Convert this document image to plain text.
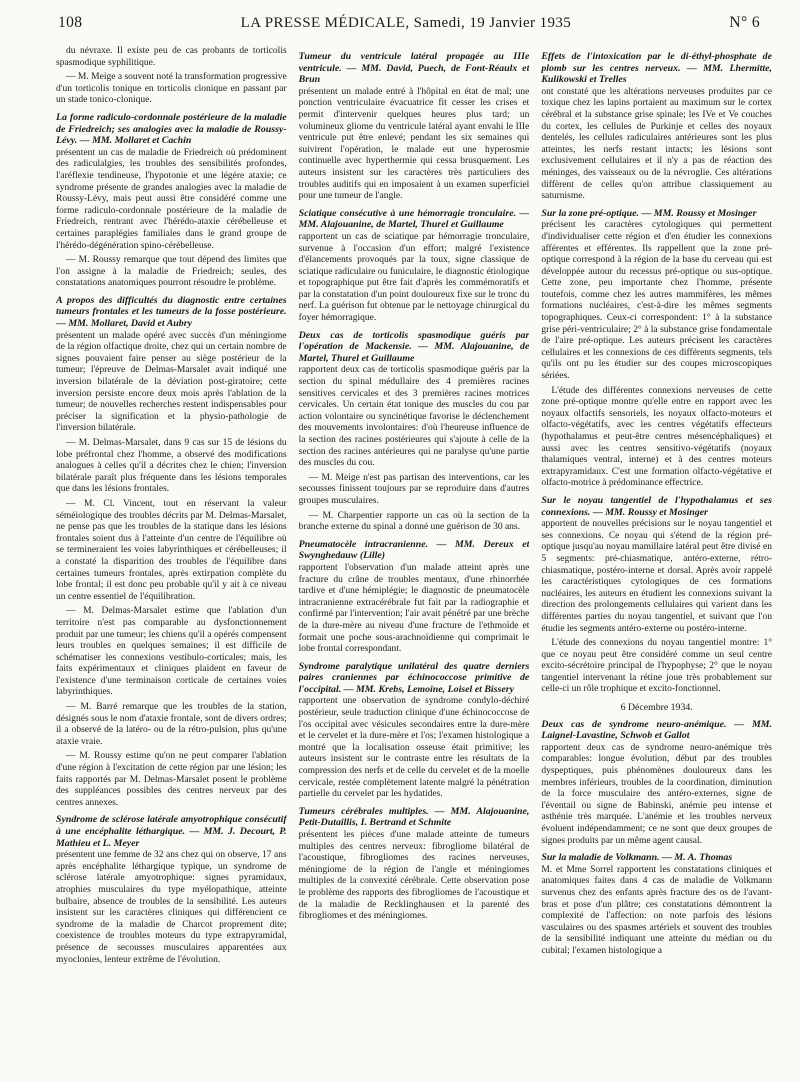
108	LA PRESSE MÉDICALE, Samedi, 19 Janvier 1935	N° 6

du névraxe. Il existe peu de cas probants de torticolis spasmodique syphilitique.

— M. Meige a souvent noté la transformation progressive d'un torticolis tonique en torticolis clonique en passant par un stade tonico-clonique.

La forme radiculo-cordonnale postérieure de la maladie de Friedreich; ses analogies avec la maladie de Roussy-Lévy. — MM. Mollaret et Cachin

présentent un cas de maladie de Friedreich où prédominent des radiculalgies, les troubles des sensibilités profondes, l'aréflexie tendineuse, l'hypotonie et une légère ataxie; ce syndrome présente de grandes analogies avec la maladie de Roussy-Lévy, mais peut aussi être considéré comme une forme radiculo-cordonnale postérieure de la maladie de Friedreich, rentrant avec l'hérédo-ataxie cérébelleuse et certaines paraplégies familiales dans le grand groupe de l'hérédo-dégénération spino-cérébelleuse.

— M. Roussy remarque que tout dépend des limites que l'on assigne à la maladie de Friedreich; seules, des constatations anatomiques pourront résoudre le problème.

A propos des difficultés du diagnostic entre certaines tumeurs frontales et les tumeurs de la fosse postérieure. — MM. Mollaret, David et Aubry

présentent un malade opéré avec succès d'un méningiome de la région olfactique droite, chez qui un certain nombre de signes pouvaient faire penser au siège postérieur de la tumeur; l'épreuve de Delmas-Marsalet avait indiqué une inversion bilatérale de la déviation post-giratoire; cette inversion persiste encore deux mois après l'ablation de la tumeur; de nouvelles recherches restent indispensables pour préciser la signification et la physio-pathologie de l'inversion bilatérale.

— M. Delmas-Marsalet, dans 9 cas sur 15 de lésions du lobe préfrontal chez l'homme, a observé des modifications analogues à celles qu'il a décrites chez le chien; l'inversion bilatérale paraît plus fréquente dans les lésions temporales que dans les lésions frontales.

— M. Cl. Vincent, tout en réservant la valeur séméiologique des troubles décrits par M. Delmas-Marsalet, ne pense pas que les troubles de la statique dans les lésions frontales soient dus à l'atteinte d'un centre de l'équilibre où se termineraient les voies labyrinthiques et cérébelleuses; il a constaté la disparition des troubles de l'équilibre dans certaines tumeurs frontales, après extirpation complète du lobe frontal; il est donc peu probable qu'il y ait à ce niveau un centre essentiel de l'équilibration.

— M. Delmas-Marsalet estime que l'ablation d'un territoire n'est pas comparable au dysfonctionnement produit par une tumeur; les chiens qu'il a opérés compensent leurs troubles en quelques semaines; il est difficile de schématiser les connexions vestibulo-corticales; mais, les faits expérimentaux et cliniques plaident en faveur de l'existence d'une terminaison corticale de certaines voies labyrinthiques.

— M. Barré remarque que les troubles de la station, désignés sous le nom d'ataxie frontale, sont de divers ordres; il a observé de la latéro- ou de la rétro-pulsion, plus qu'une ataxie vraie.

— M. Roussy estime qu'on ne peut comparer l'ablation d'une région à l'excitation de cette région par une lésion; les faits rapportés par M. Delmas-Marsalet posent le problème des suppléances possibles des centres nerveux par des centres annexes.

Syndrome de sclérose latérale amyotrophique consécutif à une encéphalite léthargique. — MM. J. Decourt, P. Mathieu et L. Meyer

présentent une femme de 32 ans chez qui on observe, 17 ans après encéphalite léthargique typique, un syndrome de sclérose latérale amyotrophique: signes pyramidaux, atrophies musculaires du type myélopathique, atteinte bulbaire, absence de troubles de la sensibilité. Les auteurs insistent sur les caractères cliniques qui différencient ce syndrome de la maladie de Charcot proprement dite; coexistence de troubles moteurs du type extrapyramidal, présence de secousses musculaires apparentées aux myoclonies, lenteur extrême de l'évolution.

Tumeur du ventricule latéral propagée au IIIe ventricule. — MM. David, Puech, de Font-Réaulx et Brun

présentent un malade entré à l'hôpital en état de mal; une ponction ventriculaire évacuatrice fit cesser les crises et permit d'intervenir quelques heures plus tard; un volumineux gliome du ventricule latéral ayant envahi le IIIe ventricule put être enlevé; pendant les six semaines qui suivirent l'opération, le malade eut une hyperosmie continuelle avec hyperthermie qui cessa brusquement. Les auteurs insistent sur les caractères très particuliers des troubles auditifs qui en imposaient à un examen superficiel pour une tumeur de l'angle.

Sciatique consécutive à une hémorragie tronculaire. — MM. Alajouanine, de Martel, Thurel et Guillaume

rapportent un cas de sciatique par hémorragie tronculaire, survenue à l'occasion d'un effort; malgré l'existence d'élancements provoqués par la toux, signe classique de sciatique radiculaire ou funiculaire, le diagnostic étiologique et topographique put être fait d'après les commémoratifs et par la constatation d'un point douloureux fixe sur le tronc du nerf. La guérison fut obtenue par le nettoyage chirurgical du foyer hémorragique.

Deux cas de torticolis spasmodique guéris par l'opération de Mackensie. — MM. Alajouanine, de Martel, Thurel et Guillaume

rapportent deux cas de torticolis spasmodique guéris par la section du spinal médullaire des 4 premières racines sensitives cervicales et des 3 premières racines motrices cervicales. Un certain état tonique des muscles du cou par action volontaire ou syncinétique favorise le déclenchement des mouvements involontaires: d'où l'heureuse influence de la section des racines postérieures qui s'ajoute à celle de la section des racines antérieures qui ne paralyse qu'une partie des muscles du cou.

— M. Meige n'est pas partisan des interventions, car les secousses finissent toujours par se reproduire dans d'autres groupes musculaires.

— M. Charpentier rapporte un cas où la section de la branche externe du spinal a donné une guérison de 30 ans.

Pneumatocèle intracranienne. — MM. Dereux et Swynghedauw (Lille)

rapportent l'observation d'un malade atteint après une fracture du crâne de troubles mentaux, d'une rhinorrhée tardive et d'une hémiplégie; le diagnostic de pneumatocèle intracranienne extracérébrale fut fait par la radiographie et confirmé par l'intervention; l'air avait pénétré par une brèche de la dure-mère au niveau d'une fracture de l'ethmoïde et formait une poche sous-arachnoïdienne qui comprimait le lobe frontal correspondant.

Syndrome paralytique unilatéral des quatre derniers paires craniennes par échinococcose primitive de l'occipital. — MM. Krebs, Lemoine, Loisel et Bissery

rapportent une observation de syndrome condylo-déchiré postérieur, seule traduction clinique d'une échinococcose de l'os occipital avec vésicules secondaires entre la dure-mère et le cervelet et la dure-mère et l'os; l'examen histologique a montré que la localisation osseuse était primitive; les auteurs insistent sur le contraste entre les résultats de la compression des nerfs et de celle du cervelet et de la moelle cervicale, restée complètement latente malgré la pénétration partielle du cervelet par les hydatides.

Tumeurs cérébrales multiples. — MM. Alajouanine, Petit-Dutaillis, I. Bertrand et Schmite

présentent les pièces d'une malade atteinte de tumeurs multiples des centres nerveux: fibrogliome bilatéral de l'acoustique, fibrogliomes des racines nerveuses, méningiome de la région de l'angle et méningiomes multiples de la convexité cérébrale. Cette observation pose le problème des rapports des fibrogliomes de l'acoustique et de la maladie de Recklinghausen et la parenté des fibrogliomes et des méningiomes.

Effets de l'intoxication par le di-éthyl-phosphate de plomb sur les centres nerveux. — MM. Lhermitte, Kulikowski et Trelles

ont constaté que les altérations nerveuses produites par ce toxique chez les lapins portaient au maximum sur le cortex cérébral et la substance grise spinale; les IVe et Ve couches du cortex, les cellules de Purkinje et celles des noyaux dentelés, les cellules radiculaires antérieures sont les plus atteintes, les nerfs restant intacts; les lésions sont exclusivement cellulaires et il n'y a pas de réaction des méninges, des vaisseaux ou de la névroglie. Ces altérations diffèrent de celles qu'on attribue classiquement au saturnisme.

Sur la zone pré-optique. — MM. Roussy et Mosinger

précisent les caractères cytologiques qui permettent d'individualiser cette région et d'en étudier les connexions afférentes et efférentes. Ils rappellent que la zone pré-optique correspond à la région de la base du cerveau qui est développée autour du recessus pré-optique ou sus-optique. Cette zone, peu importante chez l'homme, présente toutefois, comme chez les autres mammifères, les mêmes formations nucléaires, c'est-à-dire les mêmes segments topographiques. Ceux-ci correspondent: 1° à la substance grise péri-ventriculaire; 2° à la substance grise fondamentale de l'aire pré-optique. Les auteurs précisent les caractères cellulaires et les connexions de ces différents segments, tels qu'ils ont pu les étudier sur des coupes microscopiques sériées.

L'étude des différentes connexions nerveuses de cette zone pré-optique montre qu'elle entre en rapport avec les noyaux olfactifs sensoriels, les noyaux olfacto-moteurs et olfacto-végétatifs, avec les centres végétatifs effecteurs (hypothalamus et peut-être centres mésencéphaliques) et aussi avec les centres sensitivo-végétatifs (noyaux thalamiques ventral, interne) et à des centres moteurs extrapyramidaux. C'est une formation olfacto-végétative et olfacto-motrice à prédominance effectrice.

Sur le noyau tangentiel de l'hypothalamus et ses connexions. — MM. Roussy et Mosinger

apportent de nouvelles précisions sur le noyau tangentiel et ses connexions. Ce noyau qui s'étend de la région pré-optique jusqu'au noyau mamillaire latéral peut être divisé en 5 segments: pré-chiasmatique, antéro-externe, rétro-chiasmatique, postéro-interne et dorsal. Après avoir rappelé les caractéristiques cytologiques de ces formations nucléaires, les auteurs en étudient les connexions suivant la direction des prolongements cellulaires qui varient dans les différentes parties du noyau tangentiel, et suivant que l'on étudie les segments antéro-externe ou postéro-interne.

L'étude des connexions du noyau tangentiel montre: 1° que ce noyau peut être considéré comme un seul centre excito-sécrétoire principal de l'hypophyse; 2° que le noyau tangentiel intervenant la rétine joue très probablement sur celle-ci un rôle trophique et excito-fonctionnel.

6 Décembre 1934.
Deux cas de syndrome neuro-anémique. — MM. Laignel-Lavastine, Schwob et Gallot

rapportent deux cas de syndrome neuro-anémique très comparables: longue évolution, début par des troubles dyspeptiques, puis phénomènes douloureux dans les membres inférieurs, troubles de la coordination, diminution de la force musculaire des antéro-externes, signe de l'éventail ou signe de Babinski, anémie peu intense et asthénie très marquée. L'anémie et les troubles nerveux évoluent indépendamment; ce ne sont que deux groupes de signes produits par un même agent causal.

Sur la maladie de Volkmann. — M. A. Thomas

M. et Mme Sorrel rapportent les constatations cliniques et anatomiques faites dans 4 cas de maladie de Volkmann survenus chez des enfants après fracture des os de l'avant-bras et pose d'un plâtre; ces constatations démontrent la complexité de l'affection: on note parfois des lésions vasculaires ou des spasmes artériels et souvent des troubles de la sensibilité indiquant une atteinte du médian ou du cubital; l'examen histologique a
